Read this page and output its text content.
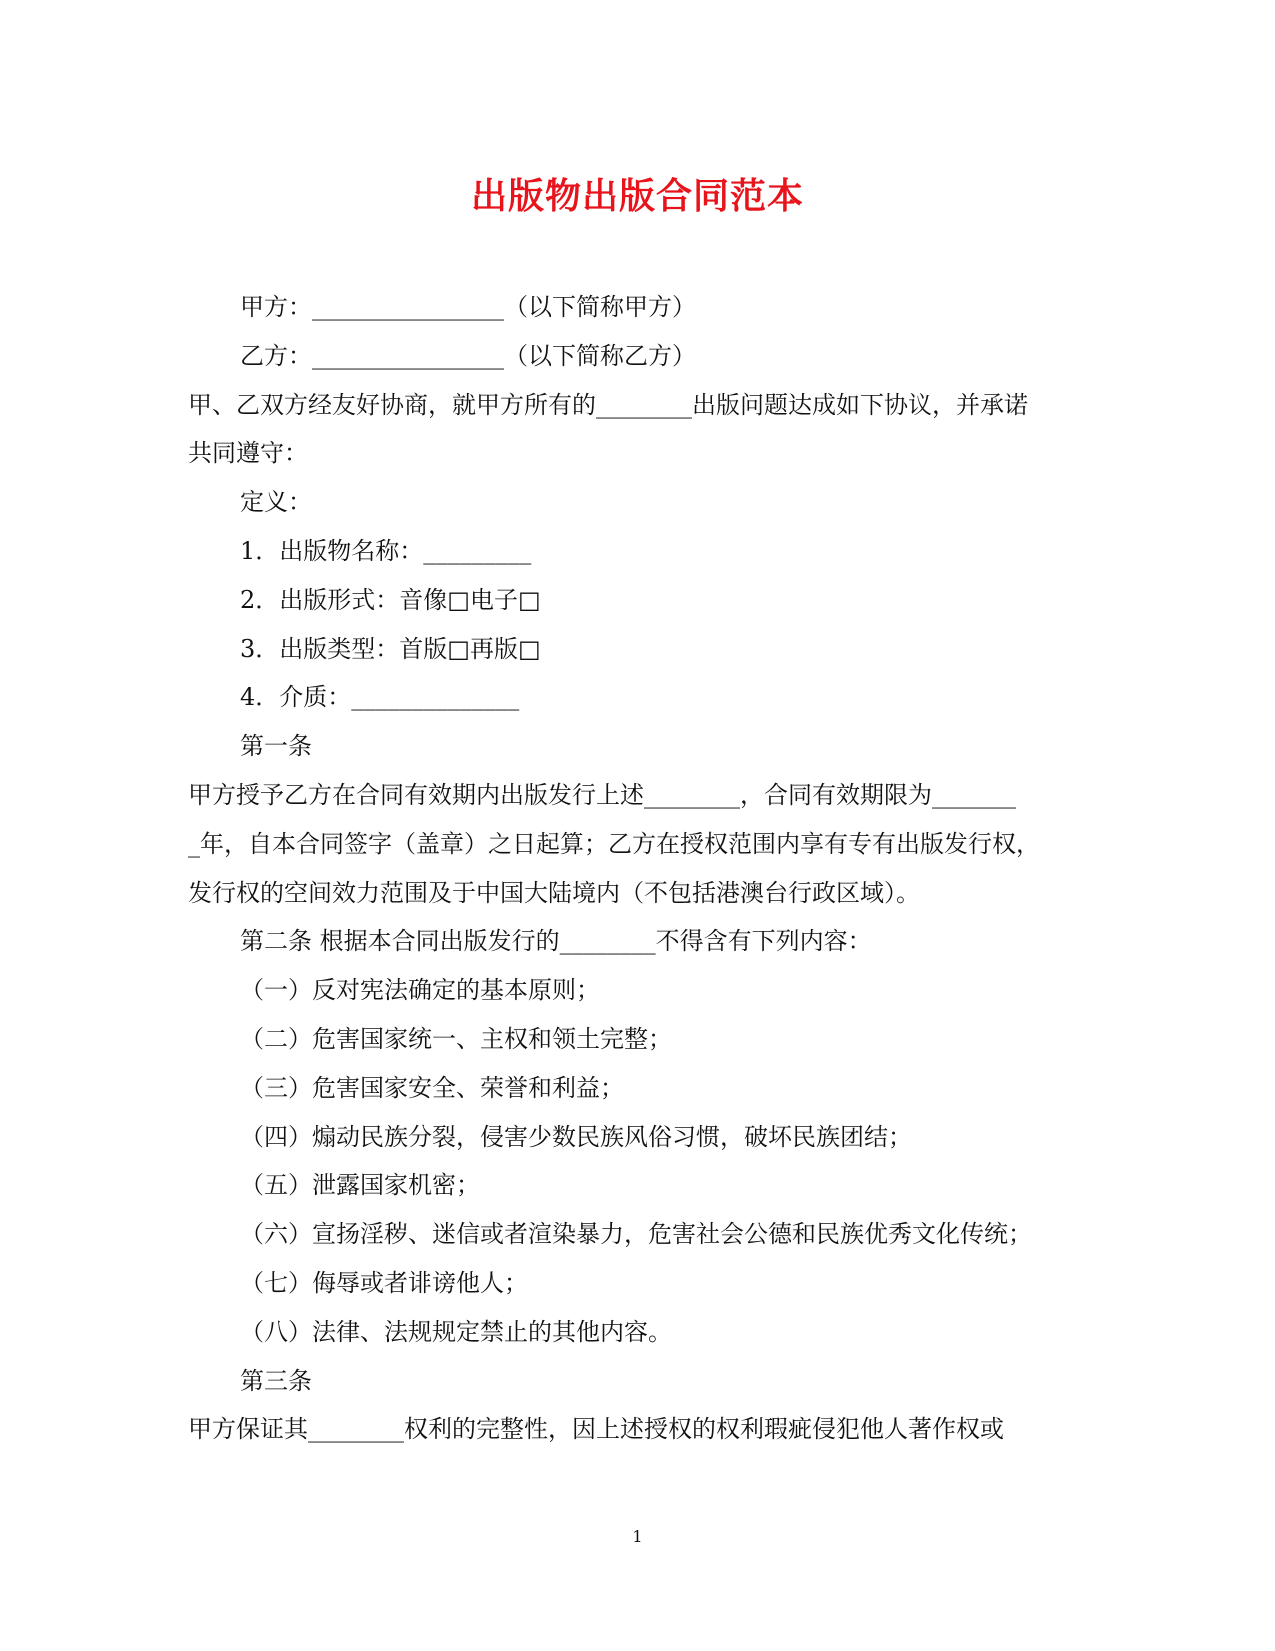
出版物出版合同范本
甲方：________________（以下简称甲方）
乙方：________________（以下简称乙方）
甲、乙双方经友好协商，就甲方所有的________出版问题达成如下协议，并承诺
共同遵守：
定义：
1．出版物名称：_________
2．出版形式：音像□电子□
3．出版类型：首版□再版□
4．介质：______________
第一条
甲方授予乙方在合同有效期内出版发行上述________，合同有效期限为_______
_年，自本合同签字（盖章）之日起算；乙方在授权范围内享有专有出版发行权，
发行权的空间效力范围及于中国大陆境内（不包括港澳台行政区域）。
第二条 根据本合同出版发行的________不得含有下列内容：
（一）反对宪法确定的基本原则；
（二）危害国家统一、主权和领土完整；
（三）危害国家安全、荣誉和利益；
（四）煽动民族分裂，侵害少数民族风俗习惯，破坏民族团结；
（五）泄露国家机密；
（六）宣扬淫秽、迷信或者渲染暴力，危害社会公德和民族优秀文化传统；
（七）侮辱或者诽谤他人；
（八）法律、法规规定禁止的其他内容。
第三条
甲方保证其________权利的完整性，因上述授权的权利瑕疵侵犯他人著作权或
1
